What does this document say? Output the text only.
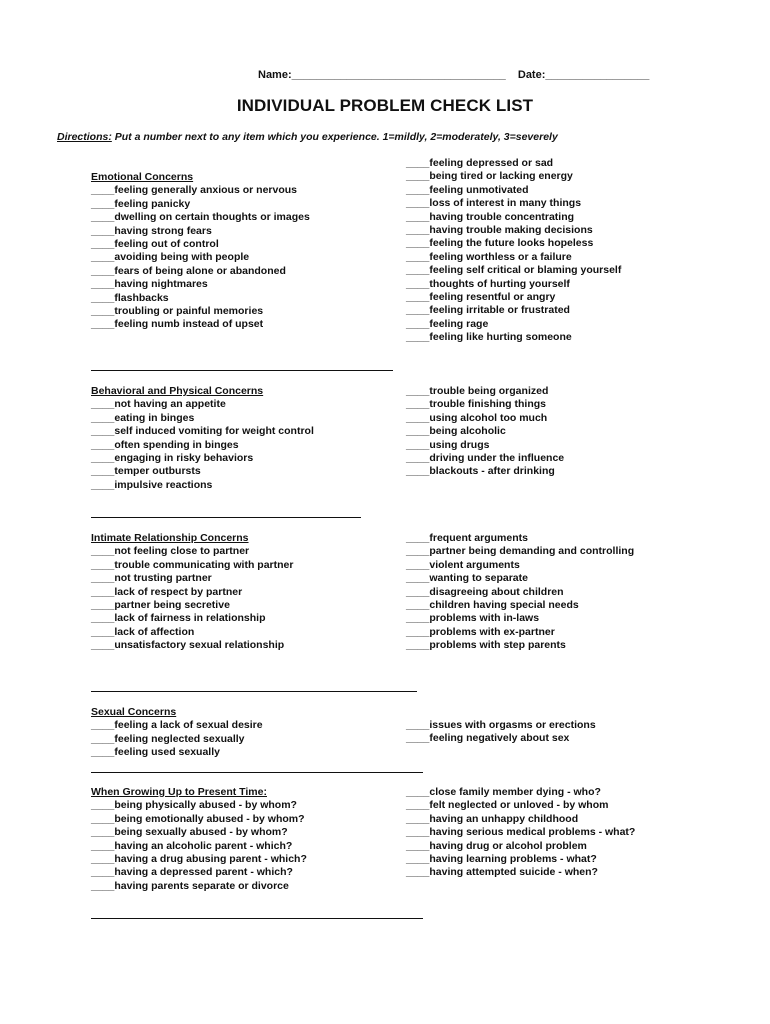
Name:___________________________________ Date:_________________
INDIVIDUAL PROBLEM CHECK LIST
Directions: Put a number next to any item which you experience. 1=mildly, 2=moderately, 3=severely
Emotional Concerns
____feeling generally anxious or nervous
____feeling panicky
____dwelling on certain thoughts or images
____having strong fears
____feeling out of control
____avoiding being with people
____fears of being alone or abandoned
____having nightmares
____flashbacks
____troubling or painful memories
____feeling numb instead of upset
____feeling depressed or sad
____being tired or lacking energy
____feeling unmotivated
____loss of interest in many things
____having trouble concentrating
____having trouble making decisions
____feeling the future looks hopeless
____feeling worthless or a failure
____feeling self critical or blaming yourself
____thoughts of hurting yourself
____feeling resentful or angry
____feeling irritable or frustrated
____feeling rage
____feeling like hurting someone
Behavioral and Physical Concerns
____not having an appetite
____eating in binges
____self induced vomiting for weight control
____often spending in binges
____engaging in risky behaviors
____temper outbursts
____impulsive reactions
____trouble being organized
____trouble finishing things
____using alcohol too much
____being alcoholic
____using drugs
____driving under the influence
____blackouts - after drinking
Intimate Relationship Concerns
____not feeling close to partner
____trouble communicating with partner
____not trusting partner
____lack of respect by partner
____partner being secretive
____lack of fairness in relationship
____lack of affection
____unsatisfactory sexual relationship
____frequent arguments
____partner being demanding and controlling
____violent arguments
____wanting to separate
____disagreeing about children
____children having special needs
____problems with in-laws
____problems with ex-partner
____problems with step parents
Sexual Concerns
____feeling a lack of sexual desire
____feeling neglected sexually
____feeling used sexually
____issues with orgasms or erections
____feeling negatively about sex
When Growing Up to Present Time:
____being physically abused - by whom?
____being emotionally abused - by whom?
____being sexually abused - by whom?
____having an alcoholic parent - which?
____having a drug abusing parent - which?
____having a depressed parent - which?
____having parents separate or divorce
____close family member dying - who?
____felt neglected or unloved - by whom
____having an unhappy childhood
____having serious medical problems - what?
____having drug or alcohol problem
____having learning problems - what?
____having attempted suicide - when?
